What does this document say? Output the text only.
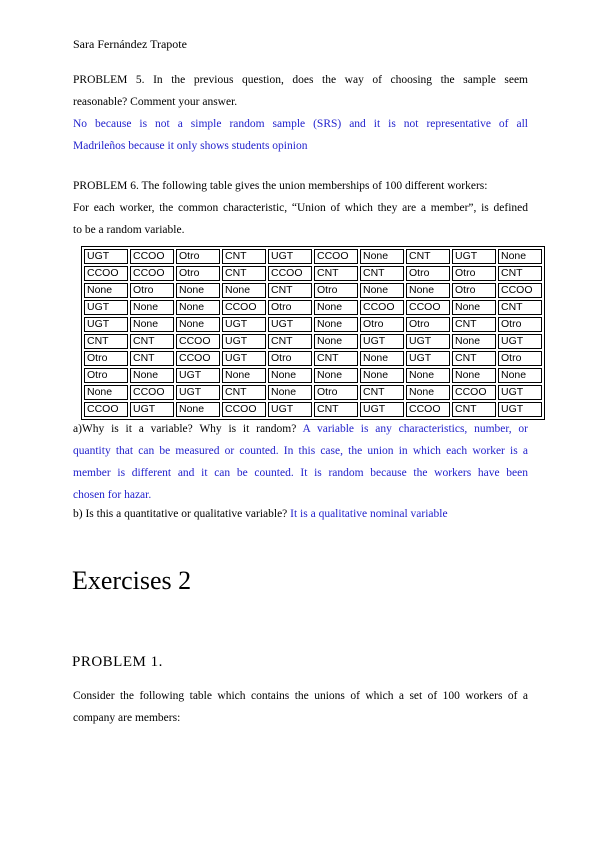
Sara Fernández Trapote
PROBLEM 5. In the previous question, does the way of choosing the sample seem
reasonable? Comment your answer.
No because is not a simple random sample (SRS) and it is not representative of all
Madrileños because it only shows students opinion
PROBLEM 6. The following table gives the union memberships of 100 different workers:
For each worker, the common characteristic, “Union of which they are a member”, is defined
to be a random variable.
UGT	CCOO	Otro	CNT	UGT	CCOO	None	CNT	UGT	None
CCOO	CCOO	Otro	CNT	CCOO	CNT	CNT	Otro	Otro	CNT
None	Otro	None	None	CNT	Otro	None	None	Otro	CCOO
UGT	None	None	CCOO	Otro	None	CCOO	CCOO	None	CNT
UGT	None	None	UGT	UGT	None	Otro	Otro	CNT	Otro
CNT	CNT	CCOO	UGT	CNT	None	UGT	UGT	None	UGT
Otro	CNT	CCOO	UGT	Otro	CNT	None	UGT	CNT	Otro
Otro	None	UGT	None	None	None	None	None	None	None
None	CCOO	UGT	CNT	None	Otro	CNT	None	CCOO	UGT
CCOO	UGT	None	CCOO	UGT	CNT	UGT	CCOO	CNT	UGT
a)Why is it a variable? Why is it random? A variable is any characteristics, number, or
quantity that can be measured or counted. In this case, the union in which each worker is a
member is different and it can be counted. It is random because the workers have been
chosen for hazar.
b) Is this a quantitative or qualitative variable? It is a qualitative nominal variable
Exercises 2
PROBLEM 1.
Consider the following table which contains the unions of which a set of 100 workers of a
company are members:
